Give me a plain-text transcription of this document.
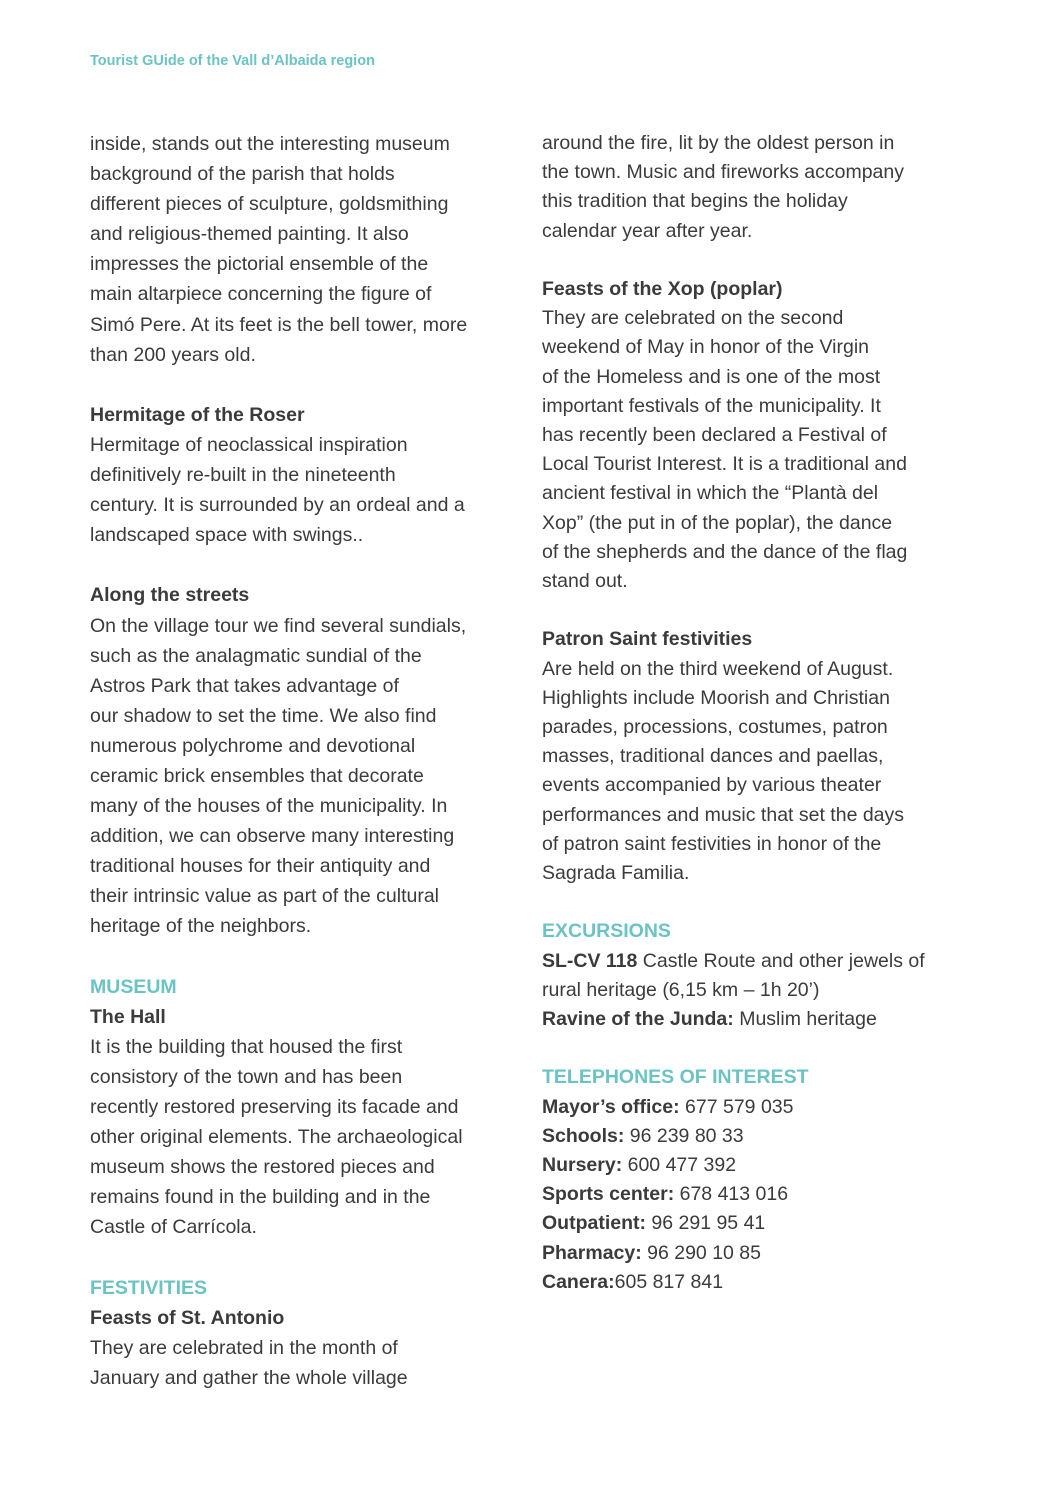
Tourist GUide of the Vall d’Albaida region
inside, stands out the interesting museum
background of the parish that holds
different pieces of sculpture, goldsmithing
and religious-themed painting. It also
impresses the pictorial ensemble of the
main altarpiece concerning the figure of
Simó Pere. At its feet is the bell tower, more
than 200 years old.
Hermitage of the Roser
Hermitage of neoclassical inspiration
definitively re-built in the nineteenth
century. It is surrounded by an ordeal and a
landscaped space with swings..
Along the streets
On the village tour we find several sundials,
such as the analagmatic sundial of the
Astros Park that takes advantage of
our shadow to set the time. We also find
numerous polychrome and devotional
ceramic brick ensembles that decorate
many of the houses of the municipality. In
addition, we can observe many interesting
traditional houses for their antiquity and
their intrinsic value as part of the cultural
heritage of the neighbors.
MUSEUM
The Hall
It is the building that housed the first
consistory of the town and has been
recently restored preserving its facade and
other original elements. The archaeological
museum shows the restored pieces and
remains found in the building and in the
Castle of Carrícola.
FESTIVITIES
Feasts of St. Antonio
They are celebrated in the month of
January and gather the whole village
around the fire, lit by the oldest person in
the town. Music and fireworks accompany
this tradition that begins the holiday
calendar year after year.
Feasts of the Xop (poplar)
They are celebrated on the second
weekend of May in honor of the Virgin
of the Homeless and is one of the most
important festivals of the municipality. It
has recently been declared a Festival of
Local Tourist Interest. It is a traditional and
ancient festival in which the “Plantà del
Xop” (the put in of the poplar), the dance
of the shepherds and the dance of the flag
stand out.
Patron Saint festivities
Are held on the third weekend of August.
Highlights include Moorish and Christian
parades, processions, costumes, patron
masses, traditional dances and paellas,
events accompanied by various theater
performances and music that set the days
of patron saint festivities in honor of the
Sagrada Familia.
EXCURSIONS
SL-CV 118 Castle Route and other jewels of
rural heritage (6,15 km – 1h 20’)
Ravine of the Junda: Muslim heritage
TELEPHONES OF INTEREST
Mayor’s office: 677 579 035
Schools: 96 239 80 33
Nursery: 600 477 392
Sports center: 678 413 016
Outpatient: 96 291 95 41
Pharmacy: 96 290 10 85
Canera:605 817 841
